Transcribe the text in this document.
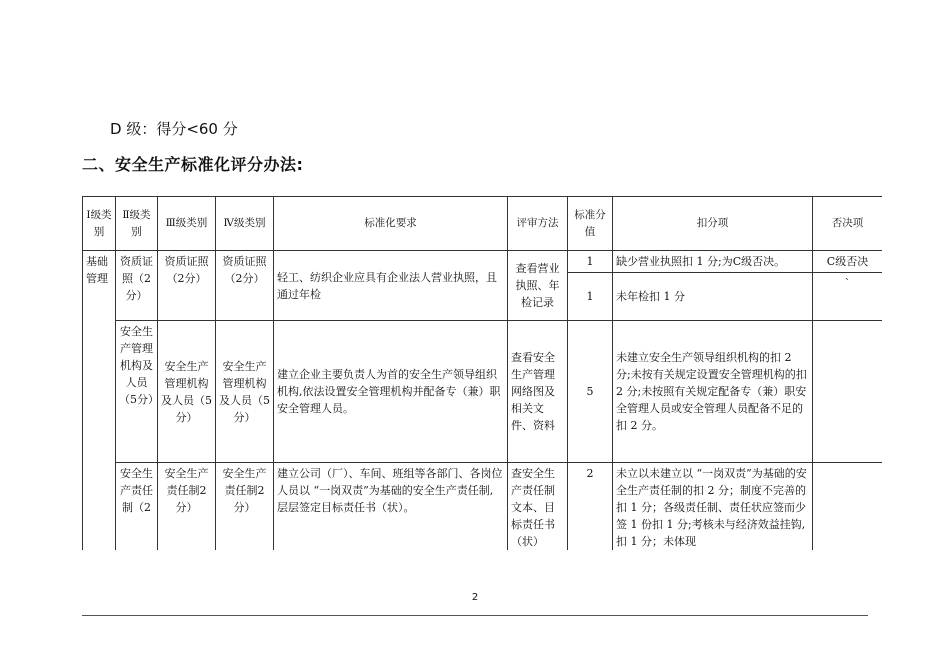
D 级：得分<60 分
二、安全生产标准化评分办法:
Ⅰ级类别	Ⅱ级类别	Ⅲ级类别	Ⅳ级类别	标准化要求	评审方法	标准分值	扣分项	否决项
基础管理	资质证照（2分）	资质证照（2分）	资质证照（2分）	轻工、纺织企业应具有企业法人营业执照，且通过年检	查看营业执照、年检记录	1	缺少营业执照扣 1 分;为C级否决。	C级否决
						1	未年检扣 1 分	`
	安全生产管理机构及人员（5分）	安全生产管理机构及人员（5分）	安全生产管理机构及人员（5分）	建立企业主要负责人为首的安全生产领导组织机构,依法设置安全管理机构并配备专（兼）职安全管理人员。	查看安全生产管理网络图及相关文件、资料	5	未建立安全生产领导组织机构的扣 2 分;未按有关规定设置安全管理机构的扣 2 分;未按照有关规定配备专（兼）职安全管理人员或安全管理人员配备不足的扣 2 分。	
	安全生产责任制（2	安全生产责任制2分）	安全生产责任制2分）	建立公司（厂）、车间、班组等各部门、各岗位人员以 “一岗双责”为基础的安全生产责任制,层层签定目标责任书（状）。	查安全生产责任制文本、目标责任书（状）	2	未立以未建立以 “一岗双责”为基础的安全生产责任制的扣 2 分；制度不完善的扣 1 分；各级责任制、责任状应签而少签 1 份扣 1 分;考核未与经济效益挂钩,扣 1 分；未体现	
2
